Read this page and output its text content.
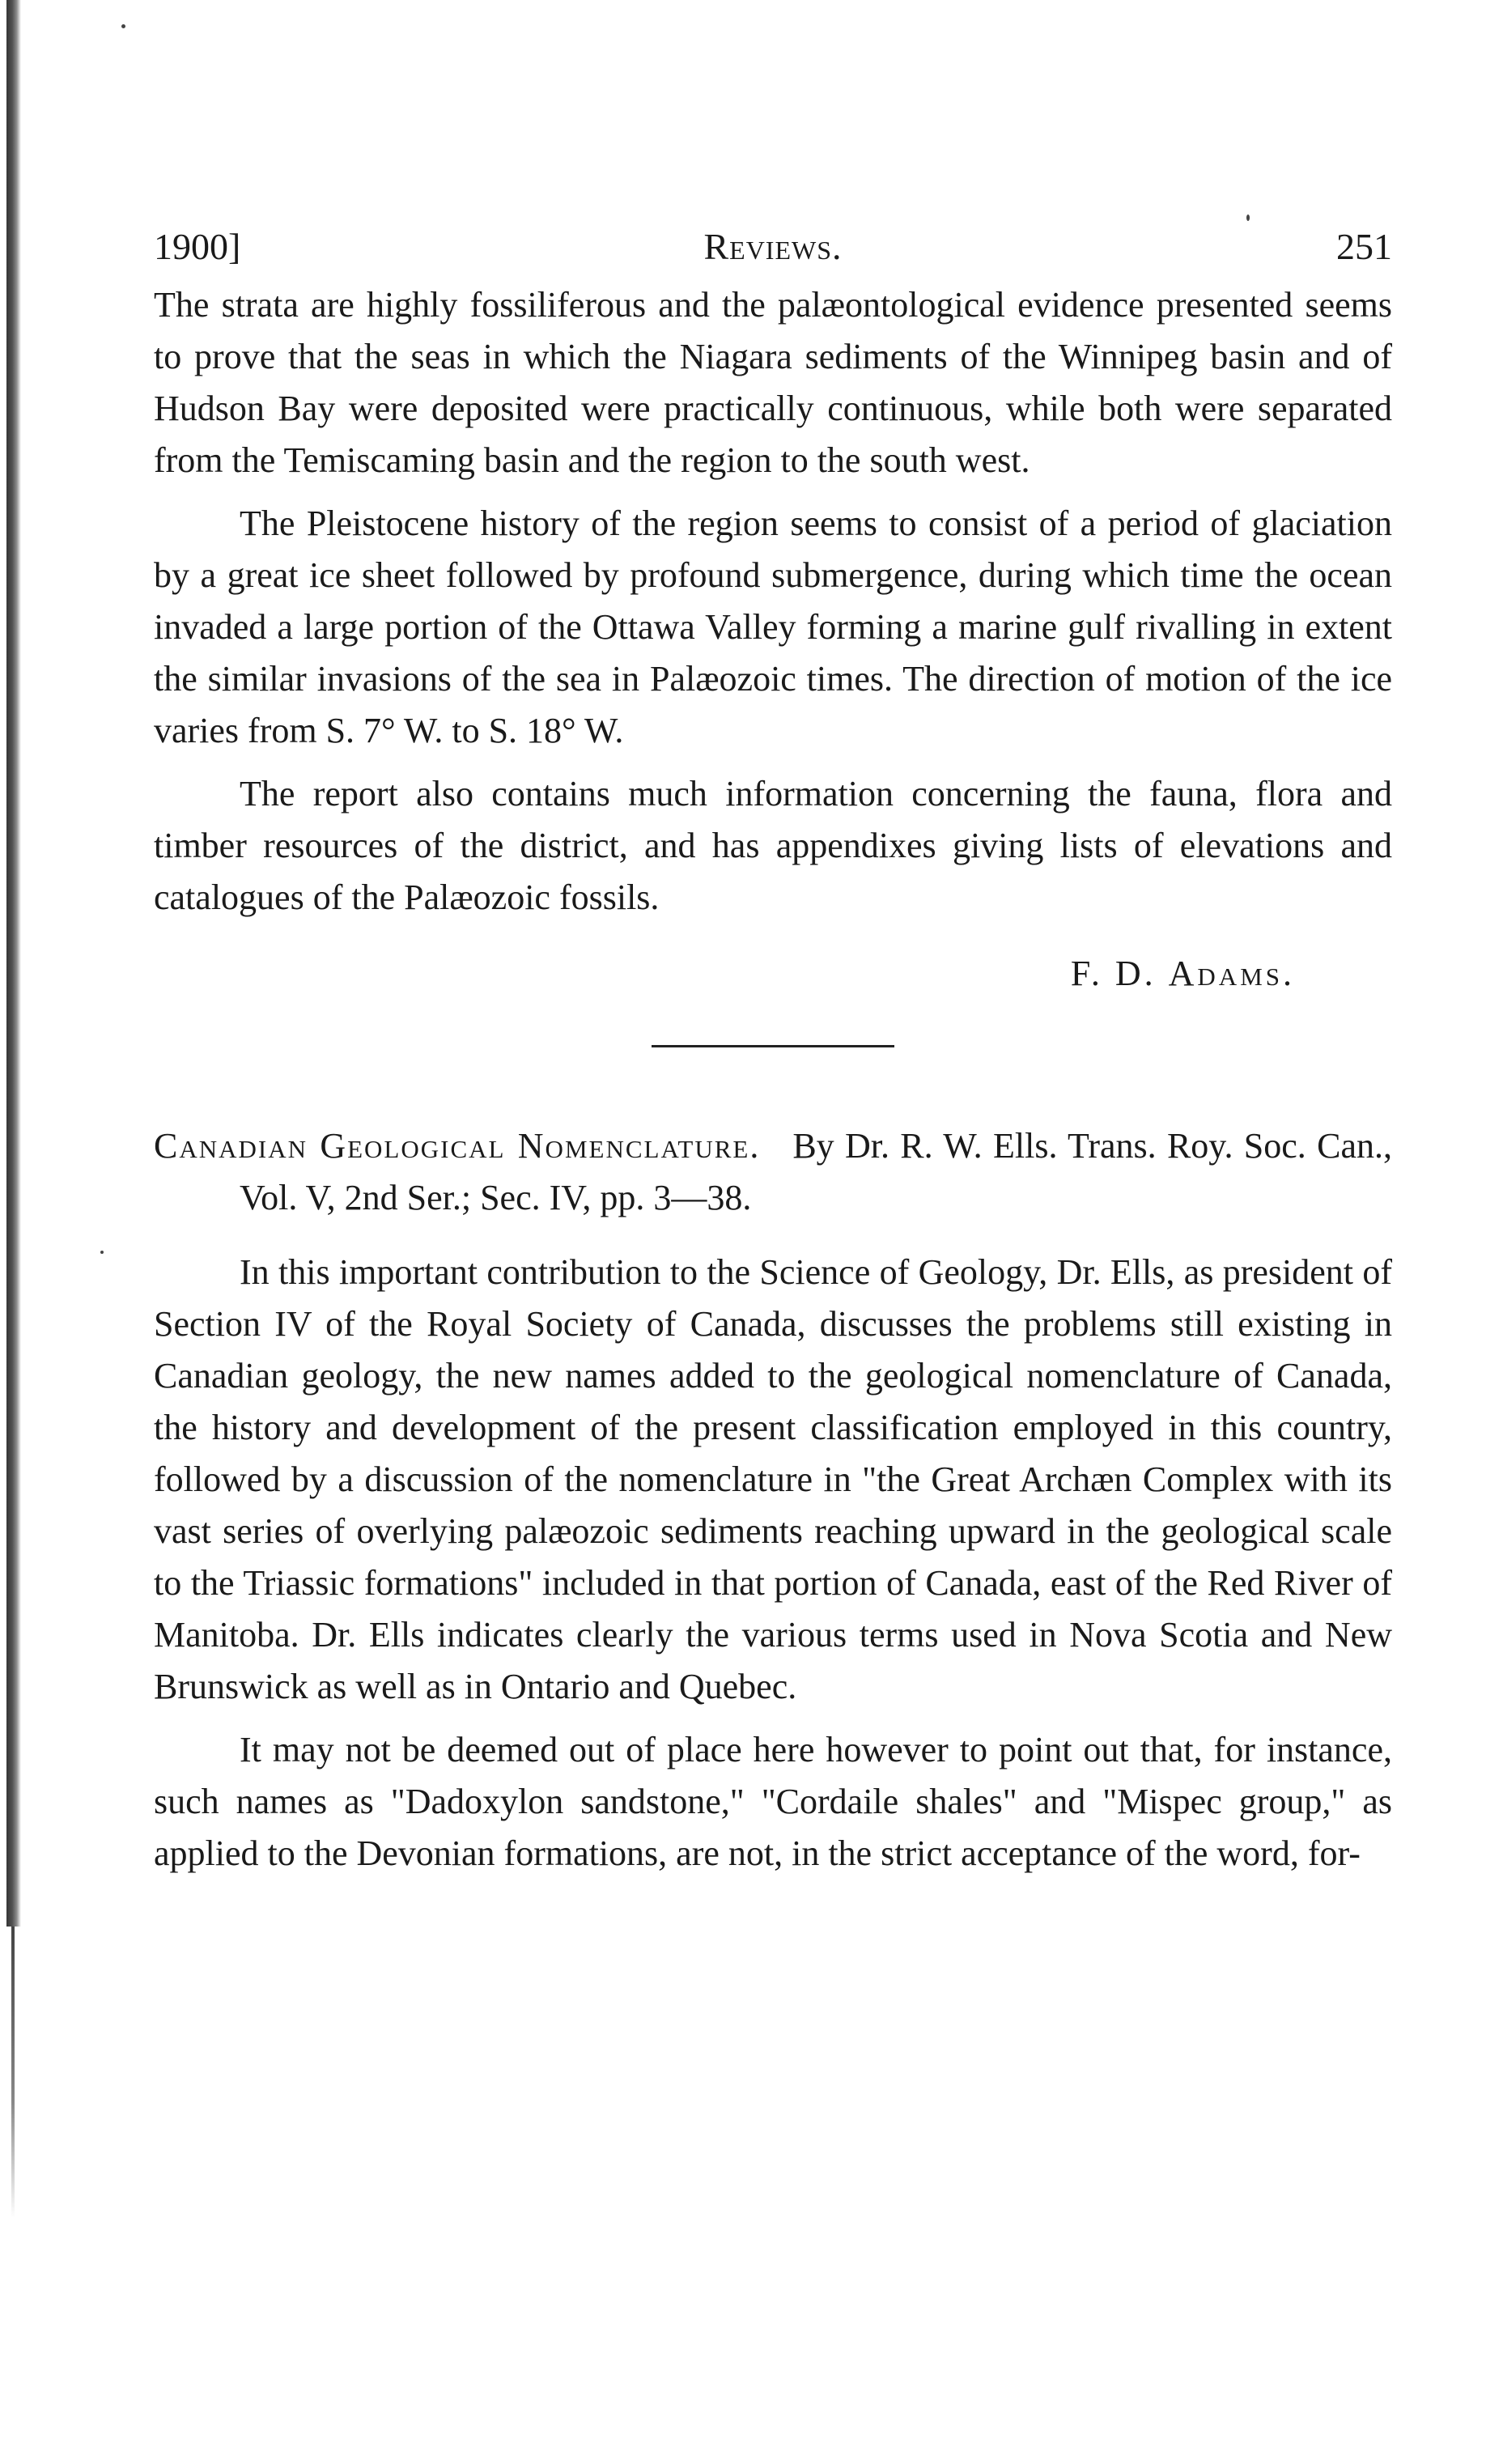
1900]	Reviews.	251

The strata are highly fossiliferous and the palæontological evidence presented seems to prove that the seas in which the Niagara sediments of the Winnipeg basin and of Hudson Bay were deposited were practically continuous, while both were separated from the Temiscaming basin and the region to the south west.

The Pleistocene history of the region seems to consist of a period of glaciation by a great ice sheet followed by profound submergence, during which time the ocean invaded a large portion of the Ottawa Valley forming a marine gulf rivalling in extent the similar invasions of the sea in Palæozoic times. The direction of motion of the ice varies from S. 7° W. to S. 18° W.

The report also contains much information concerning the fauna, flora and timber resources of the district, and has appendixes giving lists of elevations and catalogues of the Palæozoic fossils.

F. D. Adams.
Canadian Geological Nomenclature. By Dr. R. W. Ells. Trans. Roy. Soc. Can., Vol. V, 2nd Ser.; Sec. IV, pp. 3—38.

In this important contribution to the Science of Geology, Dr. Ells, as president of Section IV of the Royal Society of Canada, discusses the problems still existing in Canadian geology, the new names added to the geological nomenclature of Canada, the history and development of the present classification employed in this country, followed by a discussion of the nomenclature in "the Great Archæn Complex with its vast series of overlying palæozoic sediments reaching upward in the geological scale to the Triassic formations" included in that portion of Canada, east of the Red River of Manitoba. Dr. Ells indicates clearly the various terms used in Nova Scotia and New Brunswick as well as in Ontario and Quebec.

It may not be deemed out of place here however to point out that, for instance, such names as "Dadoxylon sandstone," "Cordaile shales" and "Mispec group," as applied to the Devonian formations, are not, in the strict acceptance of the word, for-
